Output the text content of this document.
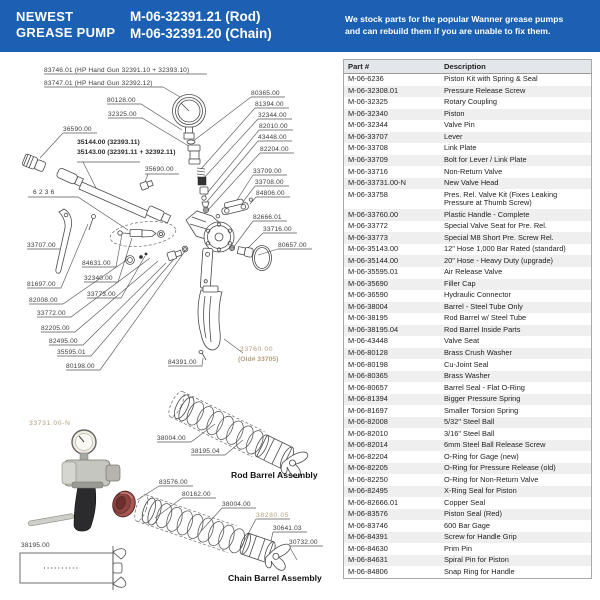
NEWEST
GREASE PUMP
M-06-32391.21 (Rod)
M-06-32391.20 (Chain)
We stock parts for the popular Wanner grease pumps
and can rebuild them if you are unable to fix them.
83746.01 (HP Hand Gun 32391.10 + 32393.10)
83747.01 (HP Hand Gun 32392.12)
80128.00
32325.00
36590.00
35144.00 (32393.11)
35143.00 (32391.11 + 32392.11)
35690.00
6236
80365.00
81394.00
32344.00
82010.00
43448.00
82204.00
33709.00
33708.00
84806.00
82666.01
33716.00
80657.00
33707.00
84631.00
32340.00
81697.00
82008.00
33773.00
33772.00
82205.00
82495.00
35595.01
80198.00
84391.00
33760.00
(Old# 33705)
33731.00-N
38004.00
38195.04
Rod Barrel Assembly
83576.00
80162.00
38004.00
38280.05
30641.03
30732.00
38195.00
Chain Barrel Assembly
Part #	Description
M-06-6236	Piston Kit with Spring & Seal
M-06-32308.01	Pressure Release Screw
M-06-32325	Rotary Coupling
M-06-32340	Piston
M-06-32344	Valve Pin
M-06-33707	Lever
M-06-33708	Link Plate
M-06-33709	Bolt for Lever / Link Plate
M-06-33716	Non-Return Valve
M-06-33731.00-N	New Valve Head
M-06-33758	Pres. Rel. Valve Kit (Fixes Leaking Pressure at Thumb Screw)
M-06-33760.00	Plastic Handle - Complete
M-06-33772	Special Valve Seat for Pre. Rel.
M-06-33773	Special M8 Short Pre. Screw Rel.
M-06-35143.00	12" Hose 1,000 Bar Rated (standard)
M-06-35144.00	20" Hose - Heavy Duty (upgrade)
M-06-35595.01	Air Release Valve
M-06-35690	Filler Cap
M-06-36590	Hydraulic Connector
M-06-38004	Barrel - Steel Tube Only
M-06-38195	Rod Barrel w/ Steel Tube
M-06-38195.04	Rod Barrel Inside Parts
M-06-43448	Valve Seat
M-06-80128	Brass Crush Washer
M-06-80198	Cu-Joint Seal
M-06-80365	Brass Washer
M-06-80657	Barrel Seal - Flat O-Ring
M-06-81394	Bigger Pressure Spring
M-06-81697	Smaller Torsion Spring
M-06-82008	5/32" Steel Ball
M-06-82010	3/16" Steel Ball
M-06-82014	6mm Steel Ball Release Screw
M-06-82204	O-Ring for Gage (new)
M-06-82205	O-Ring for Pressure Release (old)
M-06-82250	O-Ring for Non-Return Valve
M-06-82495	X-Ring Seal for Piston
M-06-82666.01	Copper Seal
M-06-83576	Piston Seal (Red)
M-06-83746	600 Bar Gage
M-06-84391	Screw for Handle Grip
M-06-84630	Prim Pin
M-06-84631	Spiral Pin for Piston
M-06-84806	Snap Ring for Handle
